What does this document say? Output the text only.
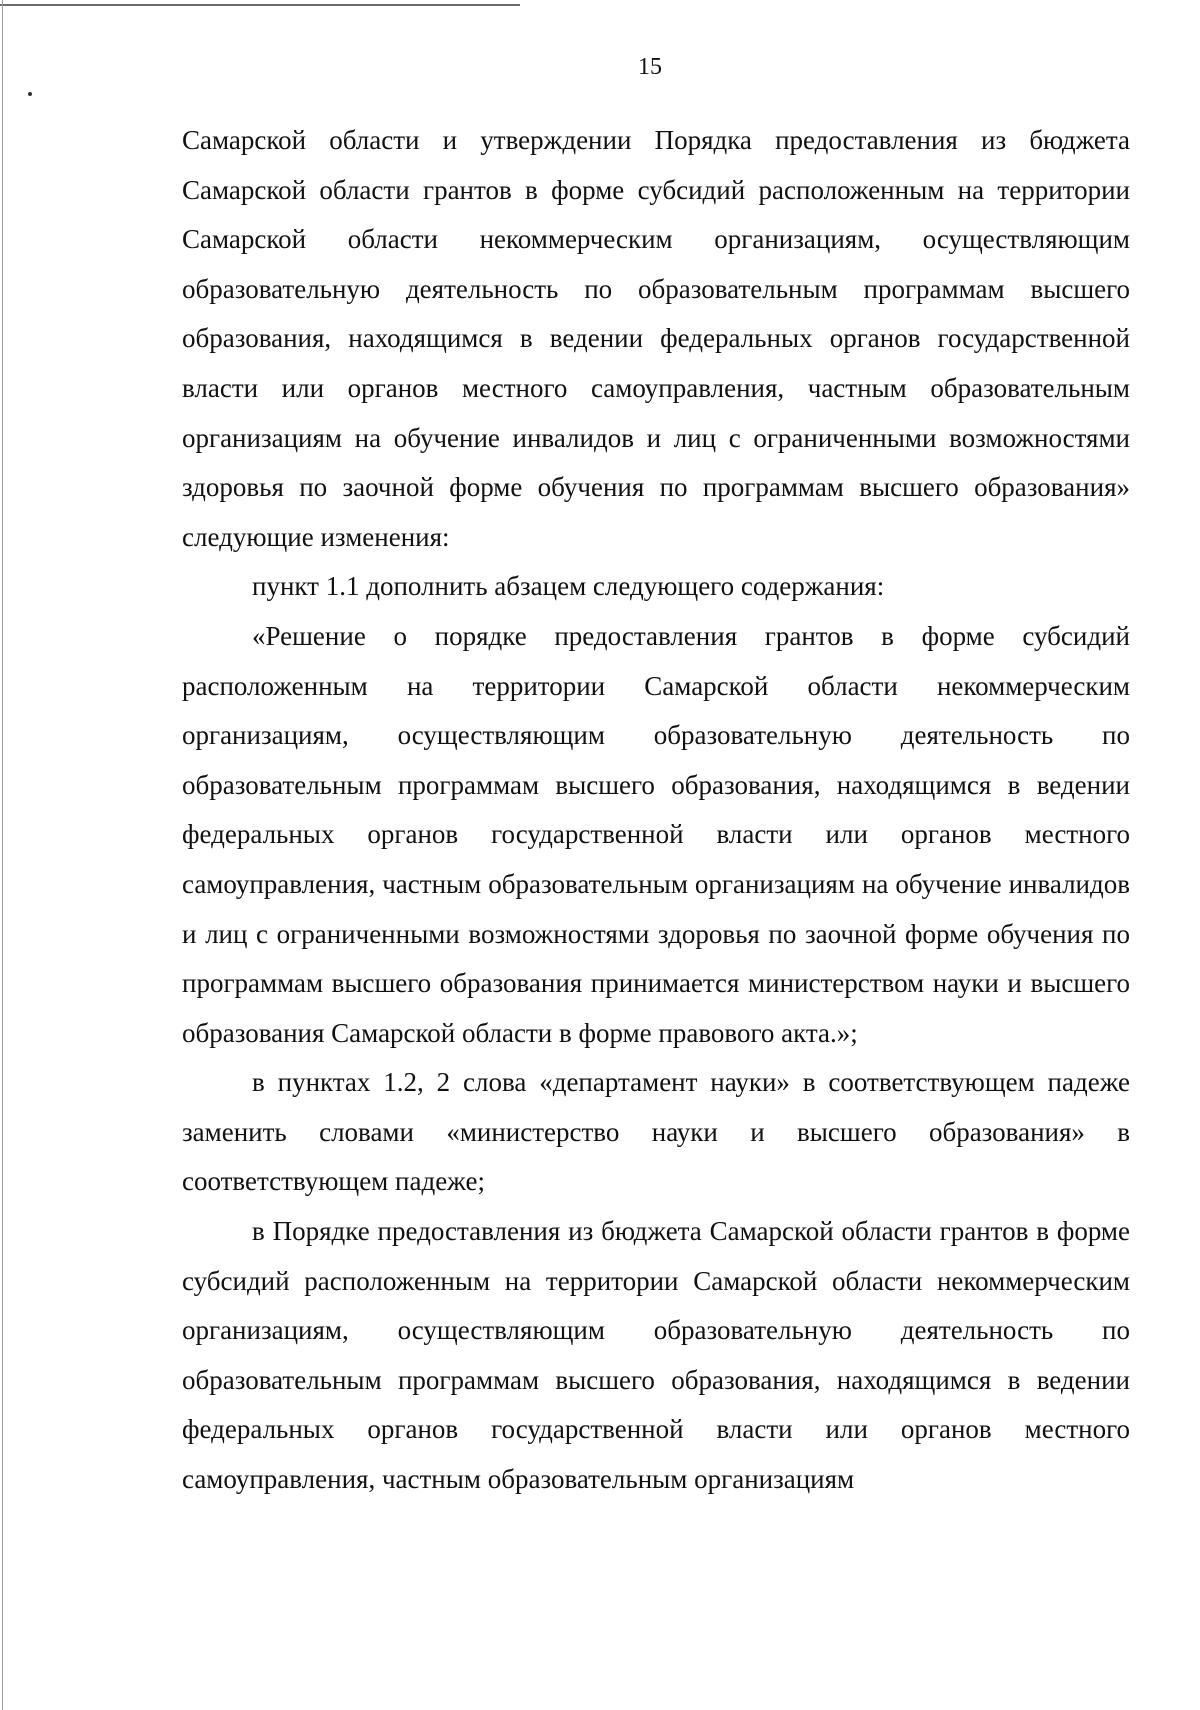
15

Самарской области и утверждении Порядка предоставления из бюджета Самарской области грантов в форме субсидий расположенным на территории Самарской области некоммерческим организациям, осуществляющим образовательную деятельность по образовательным программам высшего образования, находящимся в ведении федеральных органов государственной власти или органов местного самоуправления, частным образовательным организациям на обучение инвалидов и лиц с ограниченными возможностями здоровья по заочной форме обучения по программам высшего образования» следующие изменения:

пункт 1.1 дополнить абзацем следующего содержания:

«Решение о порядке предоставления грантов в форме субсидий расположенным на территории Самарской области некоммерческим организациям, осуществляющим образовательную деятельность по образовательным программам высшего образования, находящимся в ведении федеральных органов государственной власти или органов местного самоуправления, частным образовательным организациям на обучение инвалидов и лиц с ограниченными возможностями здоровья по заочной форме обучения по программам высшего образования принимается министерством науки и высшего образования Самарской области в форме правового акта.»;

в пунктах 1.2, 2 слова «департамент науки» в соответствующем падеже заменить словами «министерство науки и высшего образования» в соответствующем падеже;

в Порядке предоставления из бюджета Самарской области грантов в форме субсидий расположенным на территории Самарской области некоммерческим организациям, осуществляющим образовательную деятельность по образовательным программам высшего образования, находящимся в ведении федеральных органов государственной власти или органов местного самоуправления, частным образовательным организациям
